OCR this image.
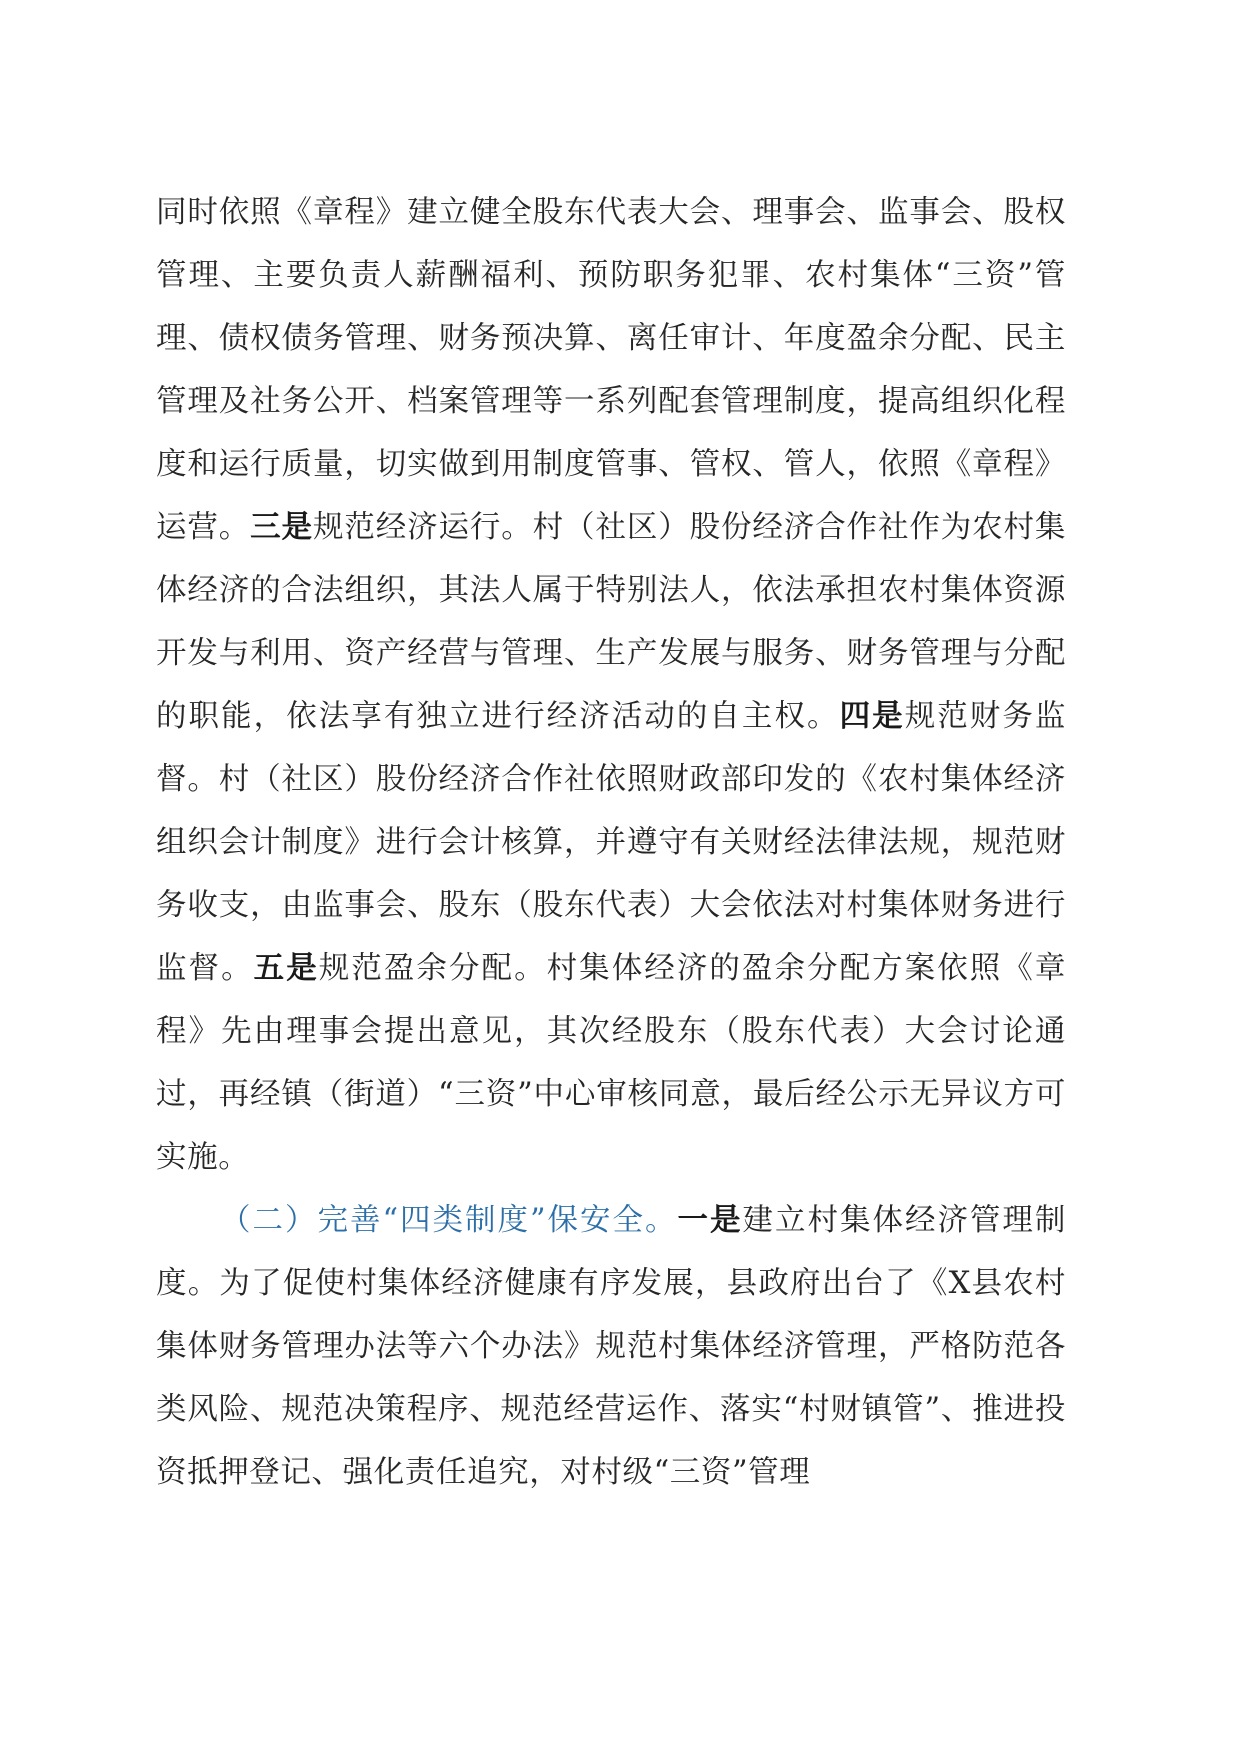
同时依照《章程》建立健全股东代表大会、理事会、监事会、股权管理、主要负责人薪酬福利、预防职务犯罪、农村集体“三资”管理、债权债务管理、财务预决算、离任审计、年度盈余分配、民主管理及社务公开、档案管理等一系列配套管理制度，提高组织化程度和运行质量，切实做到用制度管事、管权、管人，依照《章程》运营。三是规范经济运行。村（社区）股份经济合作社作为农村集体经济的合法组织，其法人属于特别法人，依法承担农村集体资源开发与利用、资产经营与管理、生产发展与服务、财务管理与分配的职能，依法享有独立进行经济活动的自主权。四是规范财务监督。村（社区）股份经济合作社依照财政部印发的《农村集体经济组织会计制度》进行会计核算，并遵守有关财经法律法规，规范财务收支，由监事会、股东（股东代表）大会依法对村集体财务进行监督。五是规范盈余分配。村集体经济的盈余分配方案依照《章程》先由理事会提出意见，其次经股东（股东代表）大会讨论通过，再经镇（街道）“三资”中心审核同意，最后经公示无异议方可实施。

（二）完善“四类制度”保安全。一是建立村集体经济管理制度。为了促使村集体经济健康有序发展，县政府出台了《X县农村集体财务管理办法等六个办法》规范村集体经济管理，严格防范各类风险、规范决策程序、规范经营运作、落实“村财镇管”、推进投资抵押登记、强化责任追究，对村级“三资”管理
